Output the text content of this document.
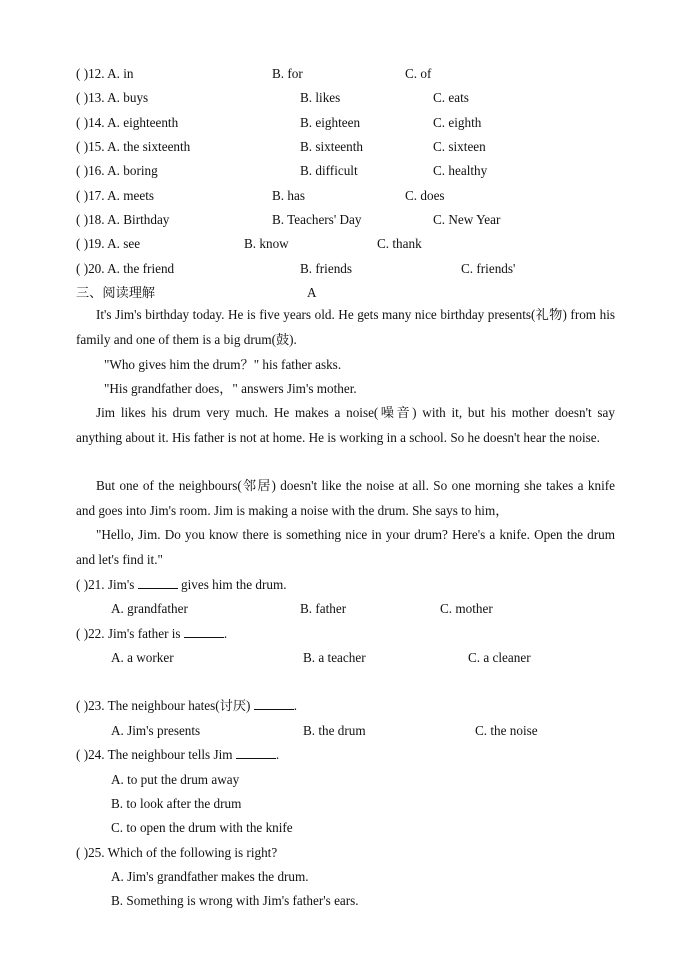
( )12. A. in	B. for	C. of
( )13. A. buys	B. likes	C. eats
( )14. A. eighteenth	B. eighteen	C. eighth
( )15. A. the sixteenth	B. sixteenth	C. sixteen
( )16. A. boring	B. difficult	C. healthy
( )17. A. meets	B. has	C. does
( )18. A. Birthday	B. Teachers' Day	C. New Year
( )19. A. see	B. know	C. thank
( )20. A. the friend	B. friends	C. friends'
三、阅读理解	A
It's Jim's birthday today. He is five years old. He gets many nice birthday presents(礼物) from his family and one of them is a big drum(鼓).
"Who gives him the drum？" his father asks.
"His grandfather does，" answers Jim's mother.
Jim likes his drum very much. He makes a noise(噪音) with it, but his mother doesn't say anything about it. His father is not at home. He is working in a school. So he doesn't hear the noise.
But one of the neighbours(邻居) doesn't like the noise at all. So one morning she takes a knife and goes into Jim's room. Jim is making a noise with the drum. She says to him，
"Hello, Jim. Do you know there is something nice in your drum? Here's a knife. Open the drum and let's find it."
( )21. Jim's	gives him the drum.
A. grandfather	B. father	C. mother
( )22. Jim's father is	.
A. a worker	B. a teacher	C. a cleaner
( )23. The neighbour hates(讨厌)	.
A. Jim's presents	B. the drum	C. the noise
( )24. The neighbour tells Jim	.
A. to put the drum away
B. to look after the drum
C. to open the drum with the knife
( )25. Which of the following is right?
A. Jim's grandfather makes the drum.
B. Something is wrong with Jim's father's ears.
